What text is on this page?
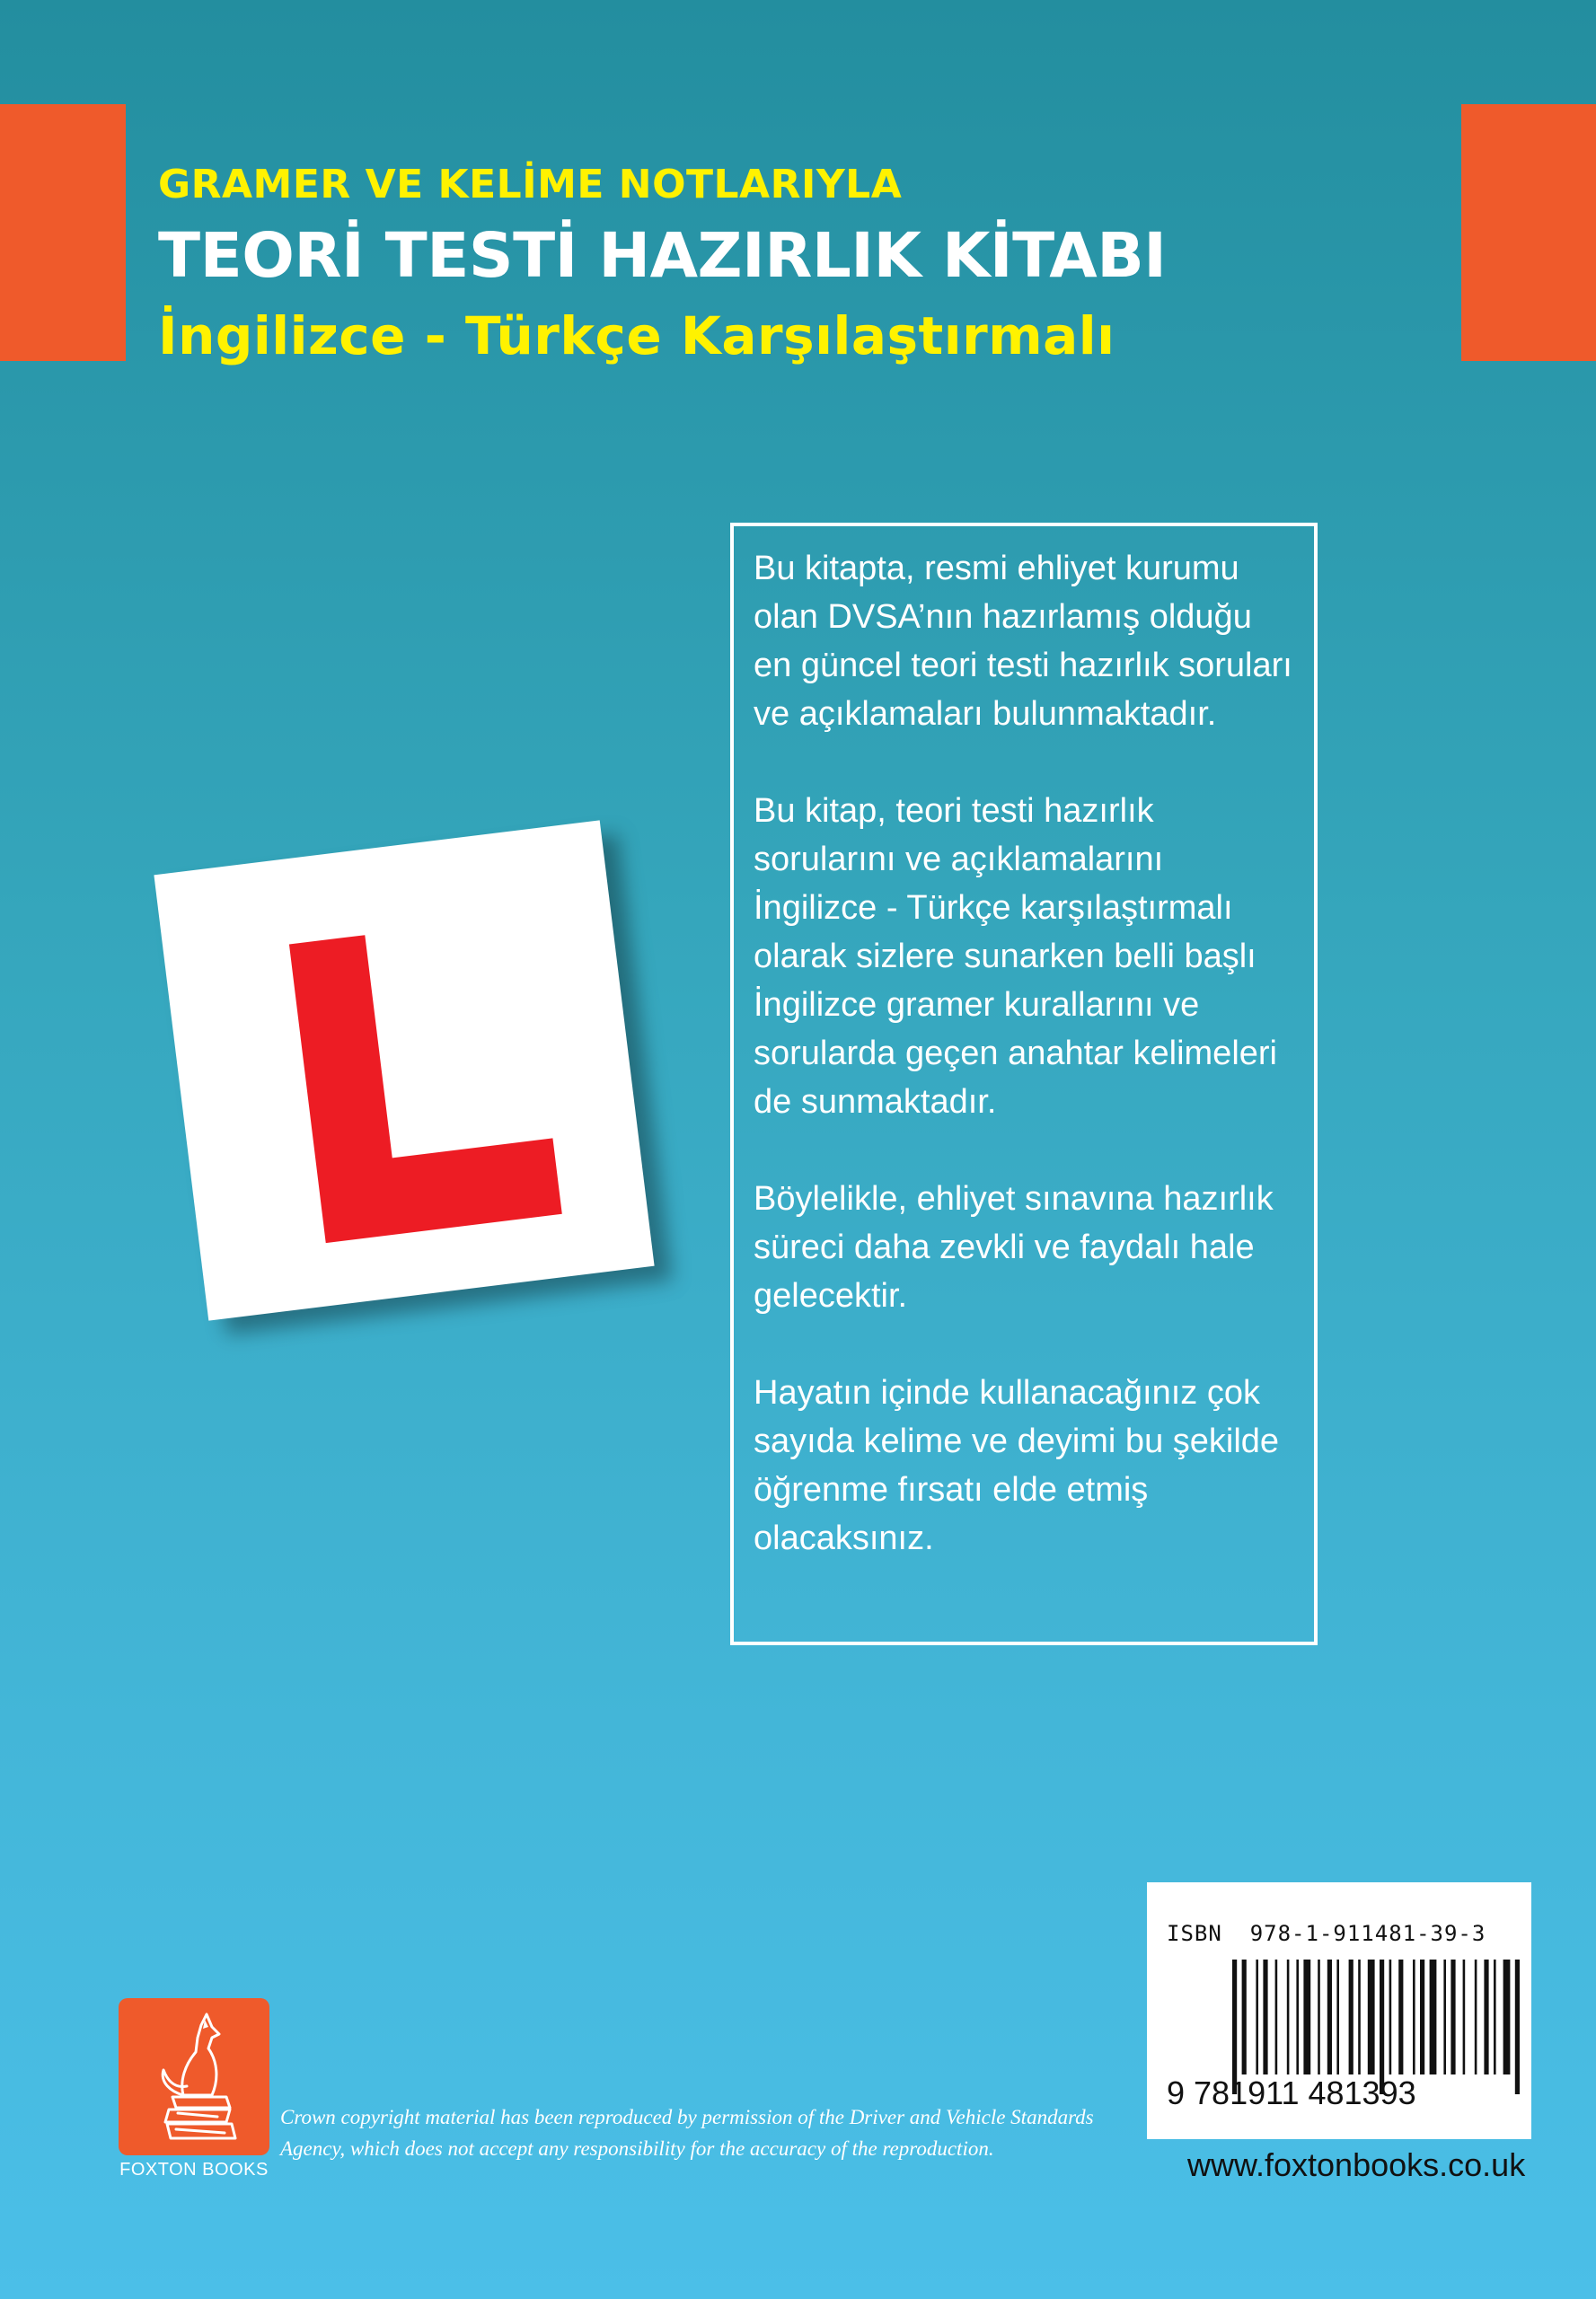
GRAMER VE KELİME NOTLARIYLA
TEORİ TESTİ HAZIRLIK KİTABI
İngilizce - Türkçe Karşılaştırmalı

Bu kitapta, resmi ehliyet kurumu olan DVSA’nın hazırlamış olduğu en güncel teori testi hazırlık soruları ve açıklamaları bulunmaktadır.

Bu kitap, teori testi hazırlık sorularını ve açıklamalarını İngilizce - Türkçe karşılaştırmalı olarak sizlere sunarken belli başlı İngilizce gramer kurallarını ve sorularda geçen anahtar kelimeleri de sunmaktadır.

Böylelikle, ehliyet sınavına hazırlık süreci daha zevkli ve faydalı hale gelecektir.

Hayatın içinde kullanacağınız çok sayıda kelime ve deyimi bu şekilde öğrenme fırsatı elde etmiş olacaksınız.

FOXTON BOOKS
Crown copyright material has been reproduced by permission of the Driver and Vehicle Standards Agency, which does not accept any responsibility for the accuracy of the reproduction.
ISBN  978-1-911481-39-3
9 781911 481393
www.foxtonbooks.co.uk
